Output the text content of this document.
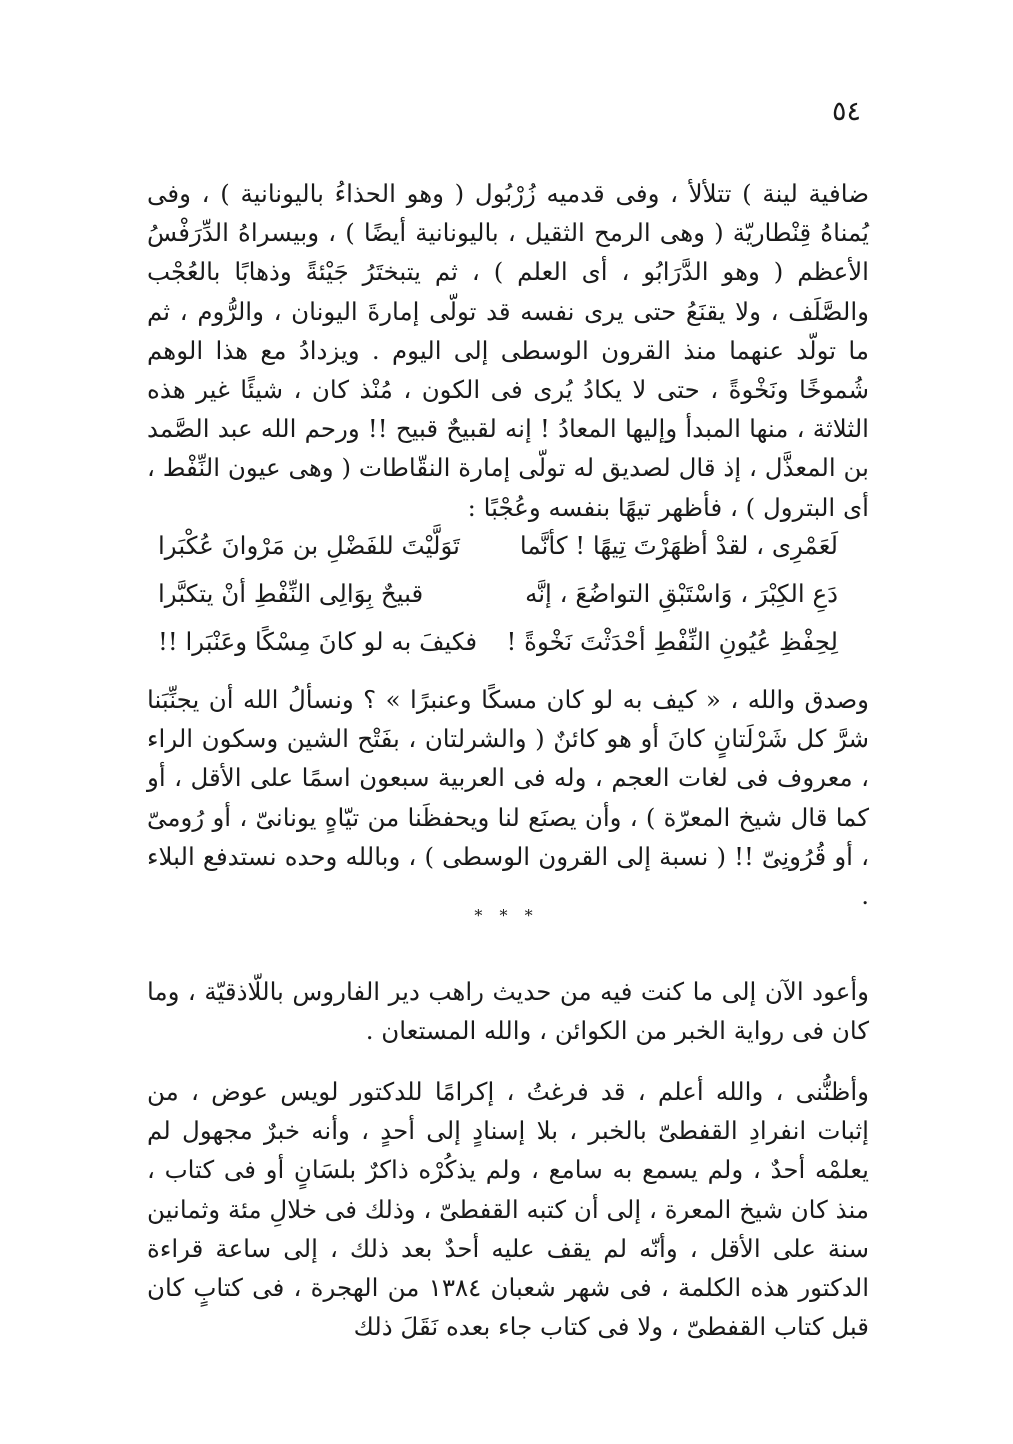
٥٤

ضافية لينة ) تتلألأ ، وفى قدميه زُرْبُول ( وهو الحذاءُ باليونانية ) ، وفى يُمناهُ قِنْطاريّة ( وهى الرمح الثقيل ، باليونانية أيضًا ) ، وبيسراهُ الدِّرَفْسُ الأعظم ( وهو الدَّرَابُو ، أى العلم ) ، ثم يتبختَرُ جَيْئةً وذهابًا بالعُجْب والصَّلَف ، ولا يقنَعُ حتى يرى نفسه قد تولّى إمارةَ اليونان ، والرُّوم ، ثم ما تولّد عنهما منذ القرون الوسطى إلى اليوم . ويزدادُ مع هذا الوهم شُموخًا ونَخْوةً ، حتى لا يكادُ يُرى فى الكون ، مُنْذ كان ، شيئًا غير هذه الثلاثة ، منها المبدأ وإليها المعادُ ! إنه لقبيحٌ قبيح !! ورحم الله عبد الصَّمد بن المعذَّل ، إذ قال لصديق له تولّى إمارة النقّاطات ( وهى عيون النِّفْط ، أى البترول ) ، فأظهر تيهًا بنفسه وعُجْبًا :

لَعَمْرِى ، لقدْ أظهَرْتَ تِيهًا ! كأنَّما
تَوَلَّيْتَ للفَضْلِ بن مَرْوانَ عُكْبَرا
دَعِ الكِبْرَ ، وَاسْتَبْقِ التواضُعَ ، إنَّه
قبيحٌ بِوَالِى النِّفْطِ أنْ يتكبَّرا
لِحِفْظِ عُيُونِ النِّفْطِ أحْدَثْتَ نَخْوةً !
فكيفَ به لو كانَ مِسْكًا وعَنْبَرا !!

وصدق والله ، « كيف به لو كان مسكًا وعنبرًا » ؟ ونسألُ الله أن يجنِّبَنا شرَّ كل شَرْلَتانٍ كانَ أو هو كائنٌ ( والشرلتان ، بفَتْح الشين وسكون الراء ، معروف فى لغات العجم ، وله فى العربية سبعون اسمًا على الأقل ، أو كما قال شيخ المعرّة ) ، وأن يصنَع لنا ويحفظَنا من تيّاهٍ يونانىّ ، أو رُومىّ ، أو قُرُونِىّ !! ( نسبة إلى القرون الوسطى ) ، وبالله وحده نستدفع البلاء .

* * *

وأعود الآن إلى ما كنت فيه من حديث راهب دير الفاروس باللّاذقيّة ، وما كان فى رواية الخبر من الكوائن ، والله المستعان .

وأظنُّنى ، والله أعلم ، قد فرغتُ ، إكرامًا للدكتور لويس عوض ، من إثبات انفرادِ القفطىّ بالخبر ، بلا إسنادٍ إلى أحدٍ ، وأنه خبرٌ مجهول لم يعلمْه أحدٌ ، ولم يسمع به سامع ، ولم يذكُرْه ذاكرٌ بلسَانٍ أو فى كتاب ، منذ كان شيخ المعرة ، إلى أن كتبه القفطىّ ، وذلك فى خلالِ مئة وثمانين سنة على الأقل ، وأنّه لم يقف عليه أحدٌ بعد ذلك ، إلى ساعة قراءة الدكتور هذه الكلمة ، فى شهر شعبان ١٣٨٤ من الهجرة ، فى كتابٍ كان قبل كتاب القفطىّ ، ولا فى كتاب جاء بعده نَقَلَ ذلك
